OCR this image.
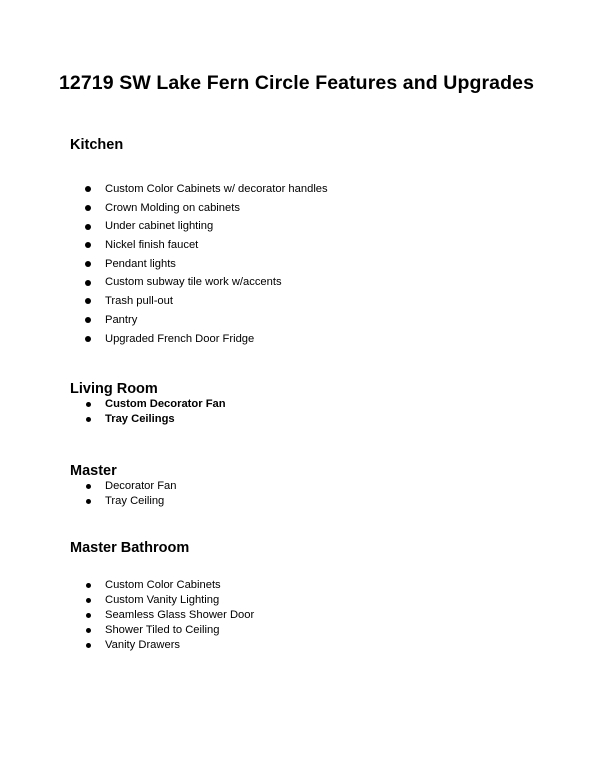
12719 SW Lake Fern Circle Features and Upgrades
Kitchen
Custom Color Cabinets w/ decorator handles
Crown Molding on cabinets
Under cabinet lighting
Nickel finish faucet
Pendant lights
Custom subway tile work w/accents
Trash pull-out
Pantry
Upgraded French Door Fridge
Living Room
Custom Decorator Fan
Tray Ceilings
Master
Decorator Fan
Tray Ceiling
Master Bathroom
Custom Color Cabinets
Custom Vanity Lighting
Seamless Glass Shower Door
Shower Tiled to Ceiling
Vanity Drawers
